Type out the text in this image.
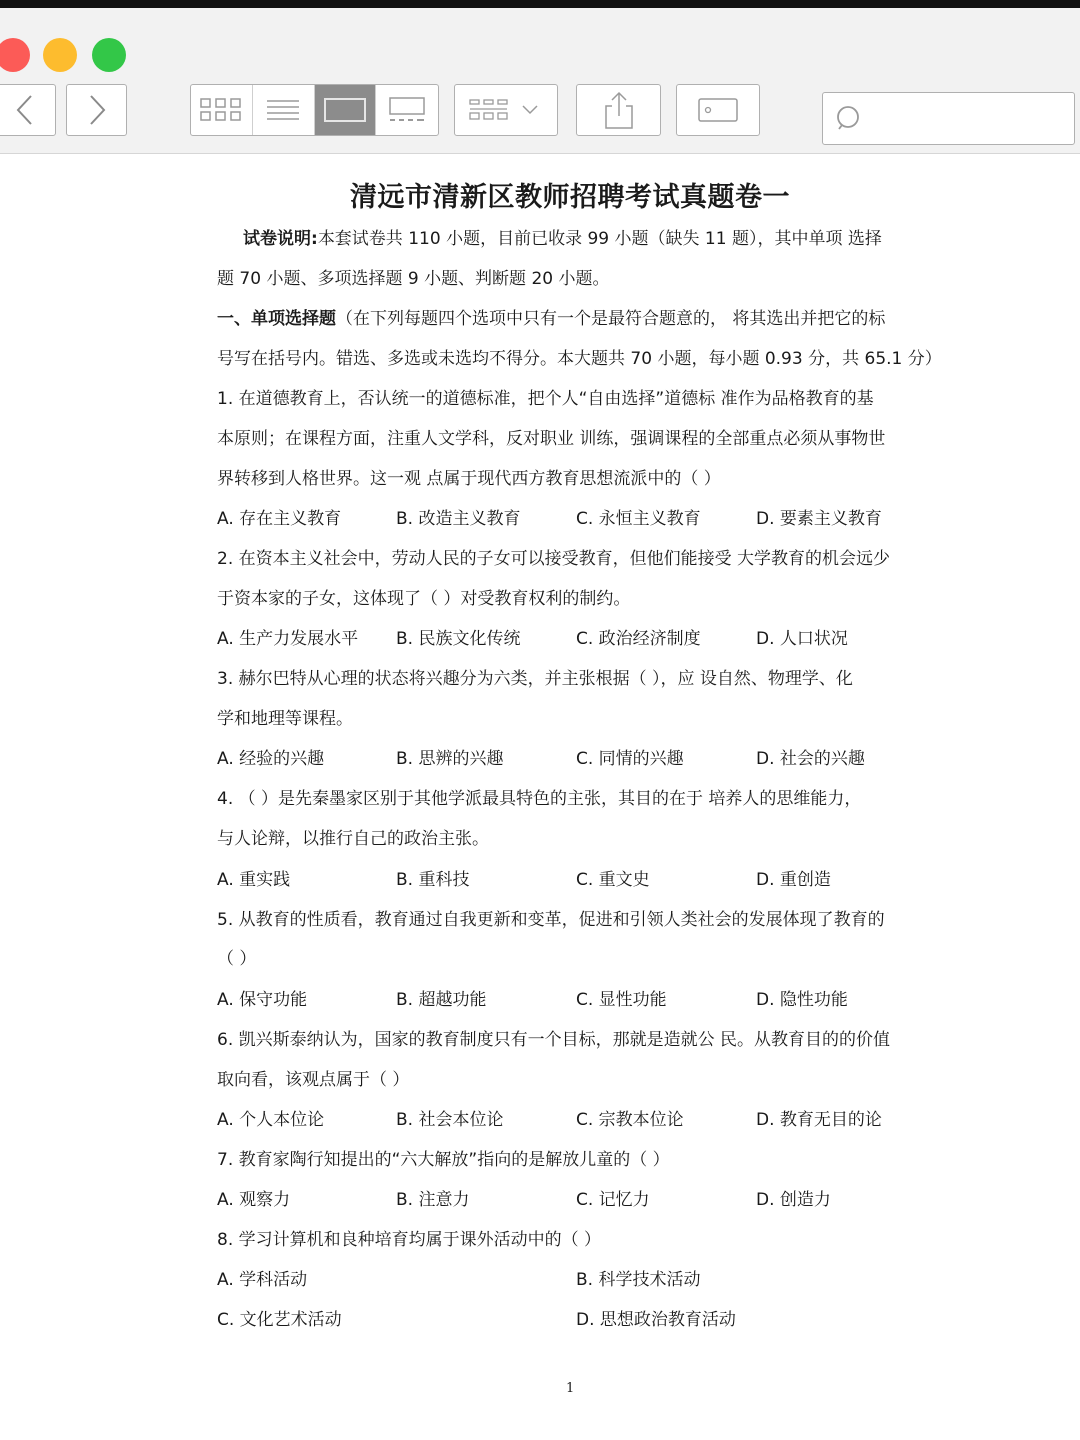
清远市清新区教师招聘考试真题卷一
试卷说明:本套试卷共 110 小题，目前已收录 99 小题（缺失 11 题），其中单项 选择
题 70 小题、多项选择题 9 小题、判断题 20 小题。
一、单项选择题（在下列每题四个选项中只有一个是最符合题意的， 将其选出并把它的标
号写在括号内。错选、多选或未选均不得分。本大题共 70 小题，每小题 0.93 分，共 65.1 分）
1. 在道德教育上，否认统一的道德标准，把个人“自由选择”道德标 准作为品格教育的基
本原则；在课程方面，注重人文学科，反对职业 训练，强调课程的全部重点必须从事物世
界转移到人格世界。这一观 点属于现代西方教育思想流派中的（ ）
A. 存在主义教育	B. 改造主义教育	C. 永恒主义教育	D. 要素主义教育
2. 在资本主义社会中，劳动人民的子女可以接受教育，但他们能接受 大学教育的机会远少
于资本家的子女，这体现了（ ）对受教育权利的制约。
A. 生产力发展水平 B. 民族文化传统	C. 政治经济制度	D. 人口状况
3. 赫尔巴特从心理的状态将兴趣分为六类，并主张根据（ ），应 设自然、物理学、化
学和地理等课程。
A. 经验的兴趣	B. 思辨的兴趣	C. 同情的兴趣	D. 社会的兴趣
4. （ ）是先秦墨家区别于其他学派最具特色的主张，其目的在于 培养人的思维能力，
与人论辩，以推行自己的政治主张。
A. 重实践	B. 重科技	C. 重文史	D. 重创造
5. 从教育的性质看，教育通过自我更新和变革，促进和引领人类社会的发展体现了教育的
（ ）
A. 保守功能	B. 超越功能	C. 显性功能	D. 隐性功能
6. 凯兴斯泰纳认为，国家的教育制度只有一个目标，那就是造就公 民。从教育目的的价值
取向看，该观点属于（ ）
A. 个人本位论	B. 社会本位论	C. 宗教本位论	D. 教育无目的论
7. 教育家陶行知提出的“六大解放”指向的是解放儿童的（ ）
A. 观察力	B. 注意力	C. 记忆力	D. 创造力
8. 学习计算机和良种培育均属于课外活动中的（ ）
A. 学科活动	B. 科学技术活动
C. 文化艺术活动	D. 思想政治教育活动
1
